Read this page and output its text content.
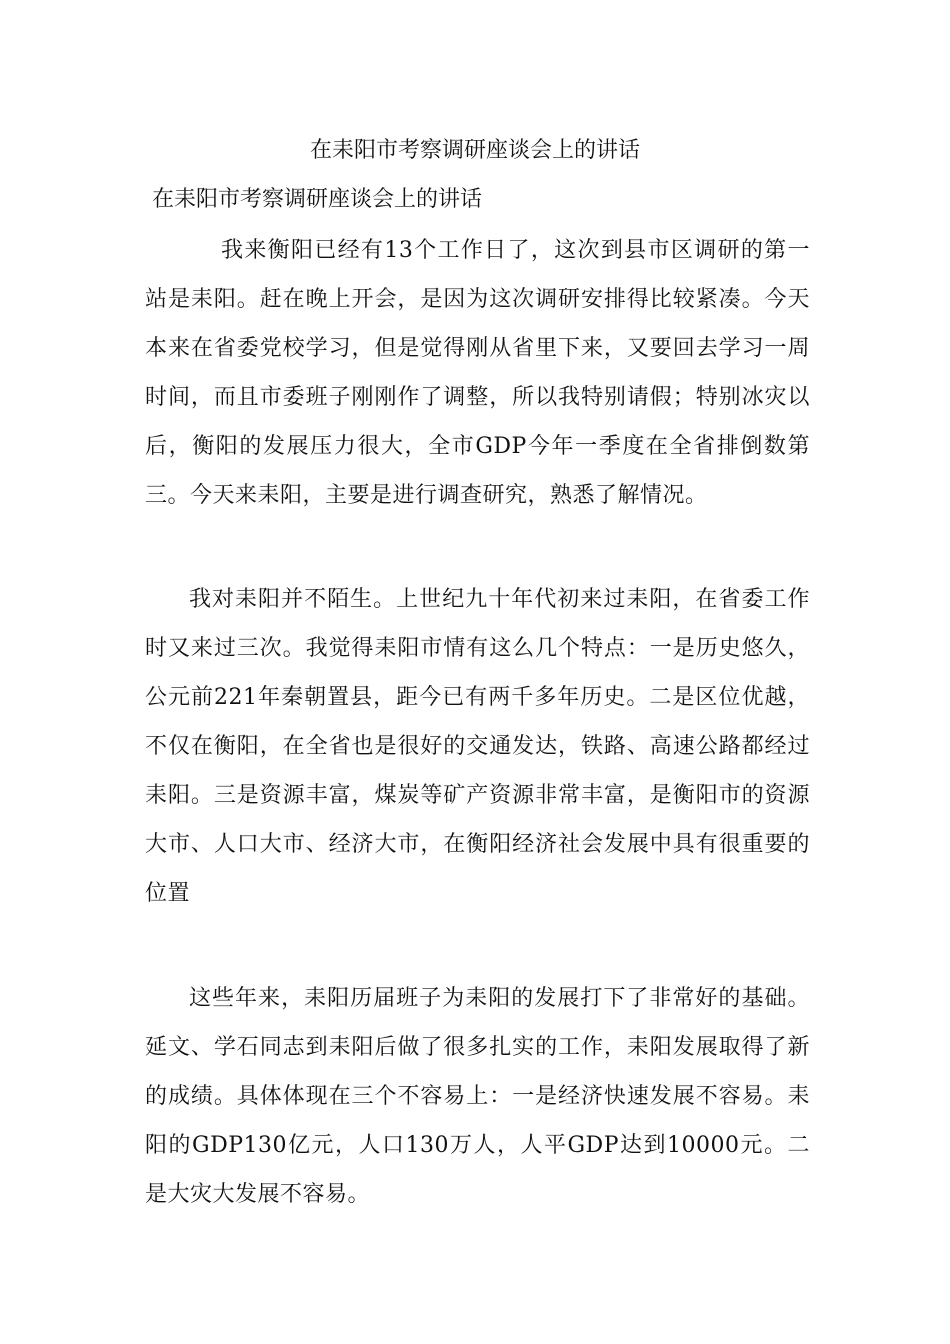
在耒阳市考察调研座谈会上的讲话
在耒阳市考察调研座谈会上的讲话
我来衡阳已经有13个工作日了，这次到县市区调研的第一站是耒阳。赶在晚上开会，是因为这次调研安排得比较紧凑。今天本来在省委党校学习，但是觉得刚从省里下来，又要回去学习一周时间，而且市委班子刚刚作了调整，所以我特别请假；特别冰灾以后，衡阳的发展压力很大，全市GDP今年一季度在全省排倒数第三。今天来耒阳，主要是进行调查研究，熟悉了解情况。
我对耒阳并不陌生。上世纪九十年代初来过耒阳，在省委工作时又来过三次。我觉得耒阳市情有这么几个特点：一是历史悠久，公元前221年秦朝置县，距今已有两千多年历史。二是区位优越，不仅在衡阳，在全省也是很好的交通发达，铁路、高速公路都经过耒阳。三是资源丰富，煤炭等矿产资源非常丰富，是衡阳市的资源大市、人口大市、经济大市，在衡阳经济社会发展中具有很重要的位置
这些年来，耒阳历届班子为耒阳的发展打下了非常好的基础。延文、学石同志到耒阳后做了很多扎实的工作，耒阳发展取得了新的成绩。具体体现在三个不容易上：一是经济快速发展不容易。耒阳的GDP130亿元，人口130万人，人平GDP达到10000元。二是大灾大发展不容易。
